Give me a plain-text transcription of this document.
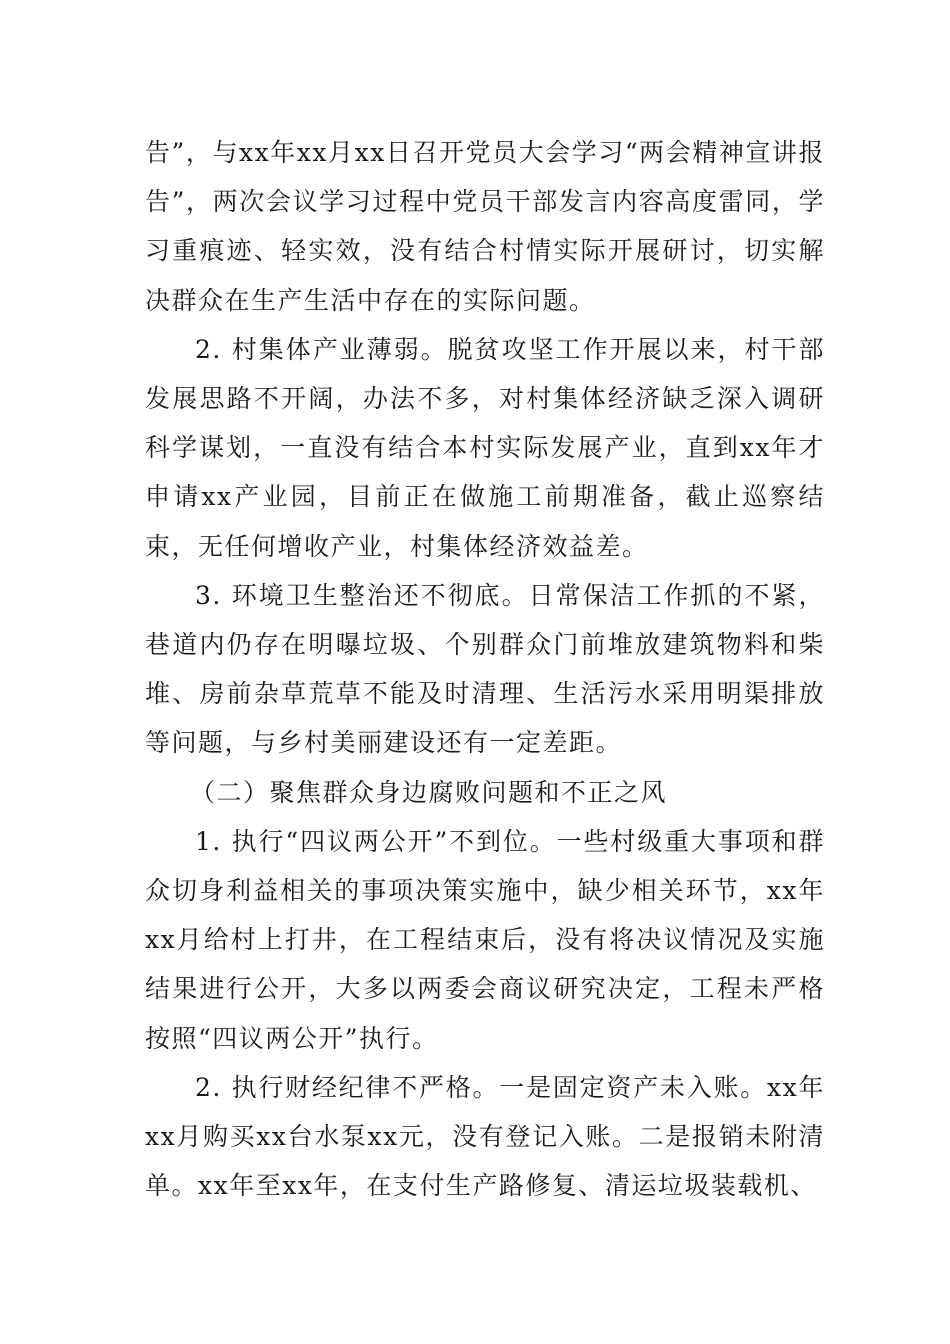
告”，与xx年xx月xx日召开党员大会学习“两会精神宣讲报告”，两次会议学习过程中党员干部发言内容高度雷同，学习重痕迹、轻实效，没有结合村情实际开展研讨，切实解决群众在生产生活中存在的实际问题。

2. 村集体产业薄弱。脱贫攻坚工作开展以来，村干部发展思路不开阔，办法不多，对村集体经济缺乏深入调研科学谋划，一直没有结合本村实际发展产业，直到xx年才申请xx产业园，目前正在做施工前期准备，截止巡察结束，无任何增收产业，村集体经济效益差。

3. 环境卫生整治还不彻底。日常保洁工作抓的不紧，巷道内仍存在明曝垃圾、个别群众门前堆放建筑物料和柴堆、房前杂草荒草不能及时清理、生活污水采用明渠排放等问题，与乡村美丽建设还有一定差距。

（二）聚焦群众身边腐败问题和不正之风

1. 执行“四议两公开”不到位。一些村级重大事项和群众切身利益相关的事项决策实施中，缺少相关环节，xx年xx月给村上打井，在工程结束后，没有将决议情况及实施结果进行公开，大多以两委会商议研究决定，工程未严格按照“四议两公开”执行。

2. 执行财经纪律不严格。一是固定资产未入账。xx年xx月购买xx台水泵xx元，没有登记入账。二是报销未附清单。xx年至xx年，在支付生产路修复、清运垃圾装载机、
